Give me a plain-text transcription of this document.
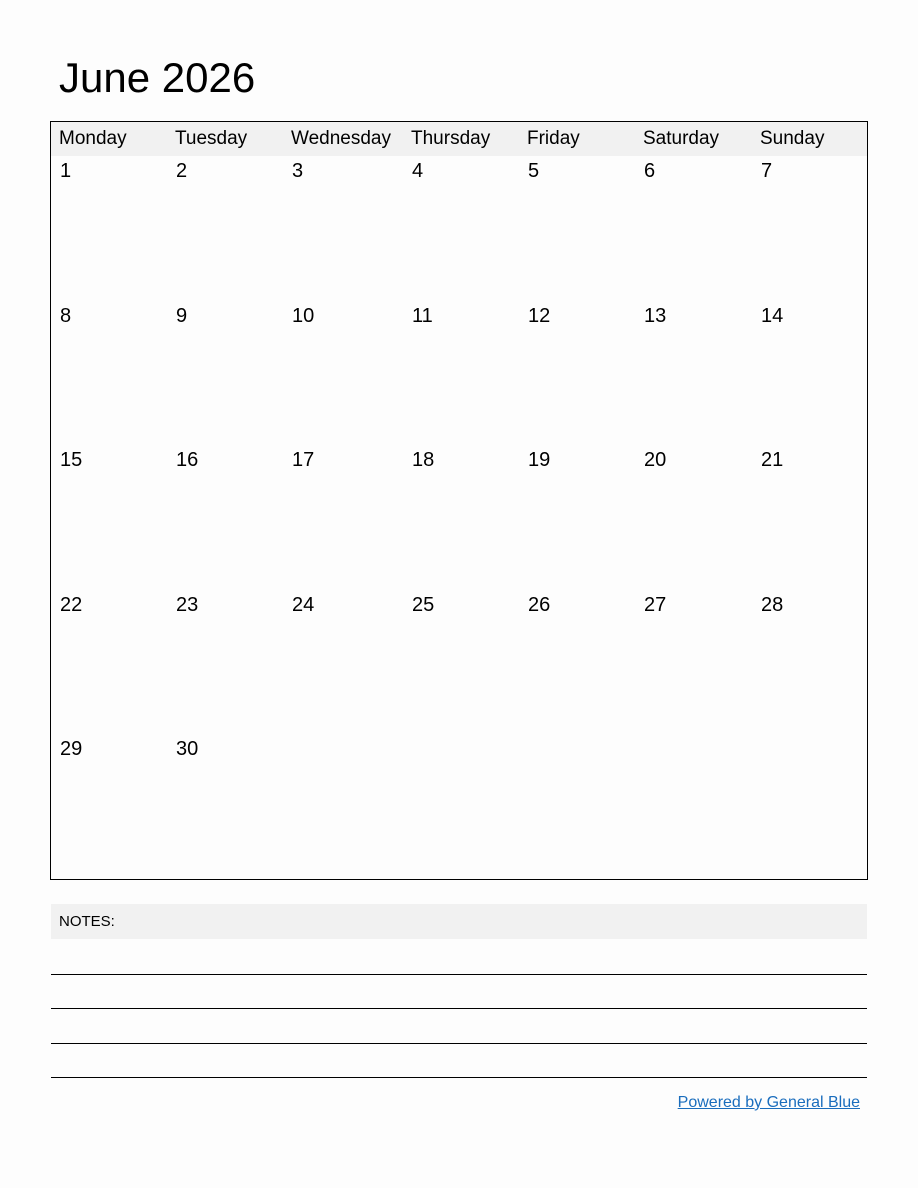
June 2026
Monday	Tuesday	Wednesday	Thursday	Friday	Saturday	Sunday
1	2	3	4	5	6	7
8	9	10	11	12	13	14
15	16	17	18	19	20	21
22	23	24	25	26	27	28
29	30
NOTES:
Powered by General Blue
